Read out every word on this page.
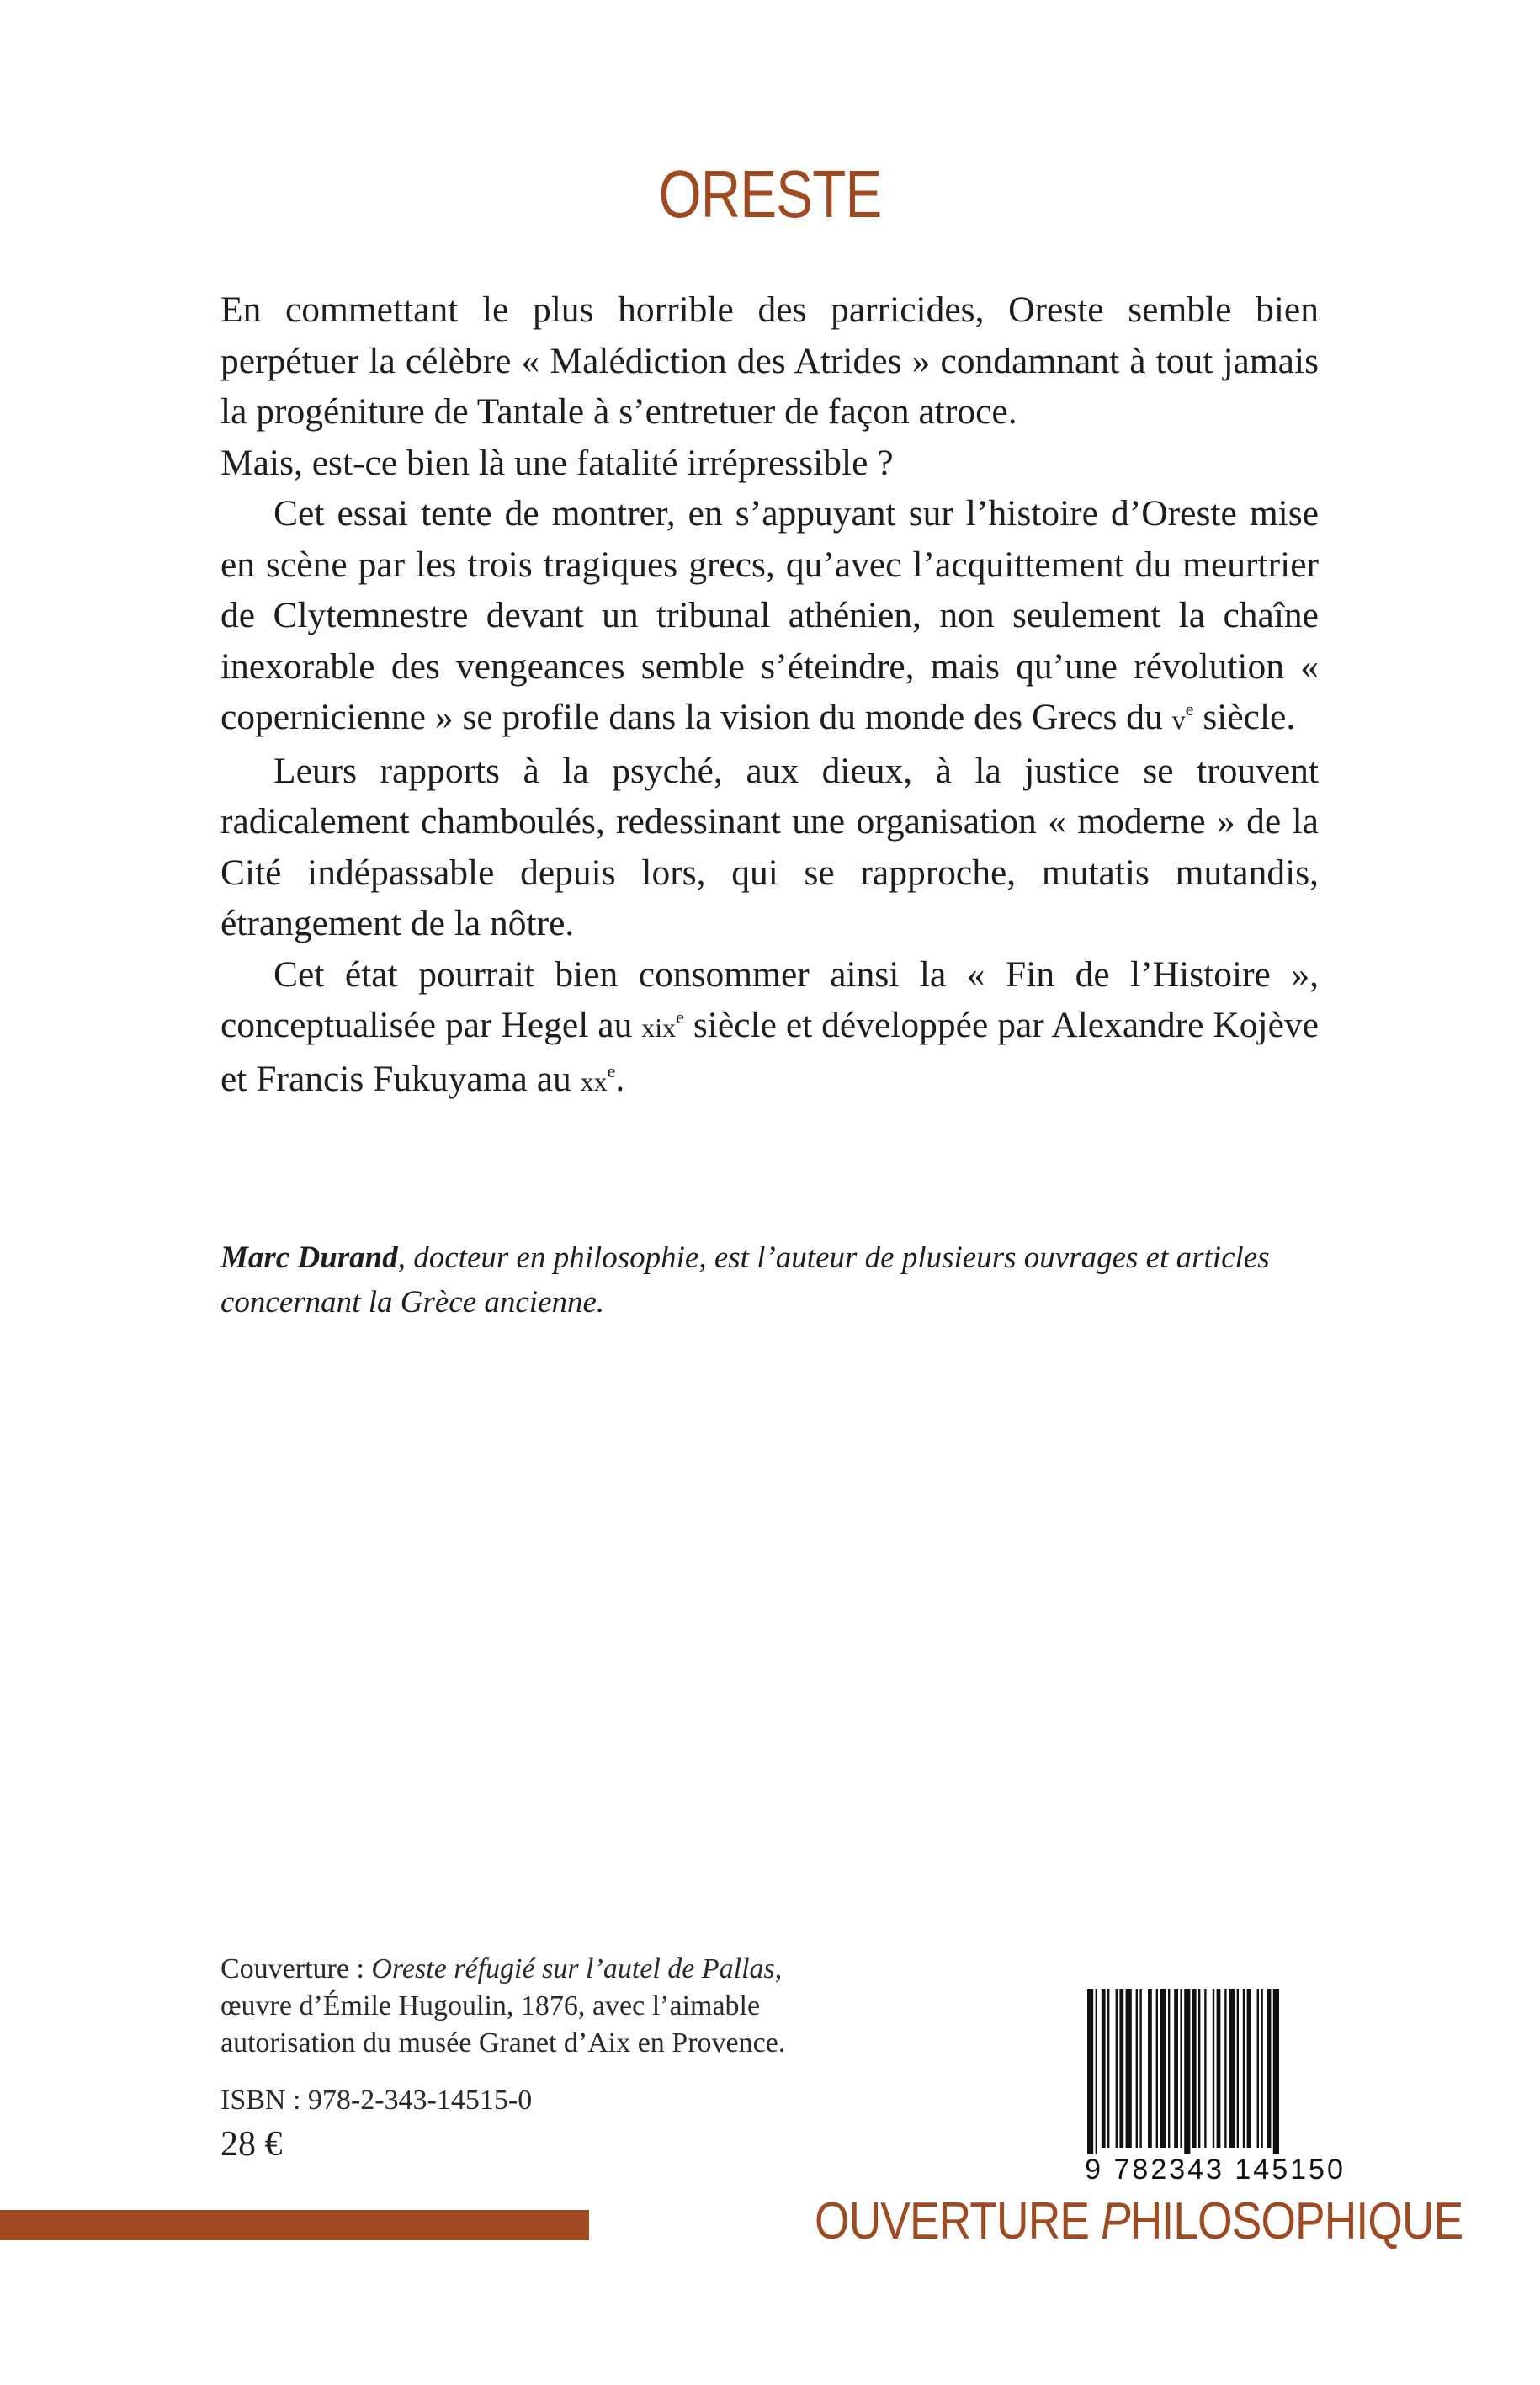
ORESTE

En commettant le plus horrible des parricides, Oreste semble bien perpétuer la célèbre « Malédiction des Atrides » condamnant à tout jamais la progéniture de Tantale à s’entretuer de façon atroce.

Mais, est-ce bien là une fatalité irrépressible ?

Cet essai tente de montrer, en s’appuyant sur l’histoire d’Oreste mise en scène par les trois tragiques grecs, qu’avec l’acquittement du meurtrier de Clytemnestre devant un tribunal athénien, non seulement la chaîne inexorable des vengeances semble s’éteindre, mais qu’une révolution « copernicienne » se profile dans la vision du monde des Grecs du $v^e$ siècle.

Leurs rapports à la psyché, aux dieux, à la justice se trouvent radicalement chamboulés, redessinant une organisation « moderne » de la Cité indépassable depuis lors, qui se rapproche, mutatis mutandis, étrangement de la nôtre.

Cet état pourrait bien consommer ainsi la « Fin de l’Histoire », conceptualisée par Hegel au xix$^e$ siècle et développée par Alexandre Kojève et Francis Fukuyama au $xx^e$.

Marc Durand, docteur en philosophie, est l’auteur de plusieurs ouvrages et articles concernant la Grèce ancienne.
Couverture : Oreste réfugié sur l’autel de Pallas, œuvre d’Émile Hugoulin, 1876, avec l’aimable autorisation du musée Granet d’Aix en Provence.
ISBN : 978-2-343-14515-0
28 €
9 782343 145150
OUVERTURE PHILOSOPHIQUE
